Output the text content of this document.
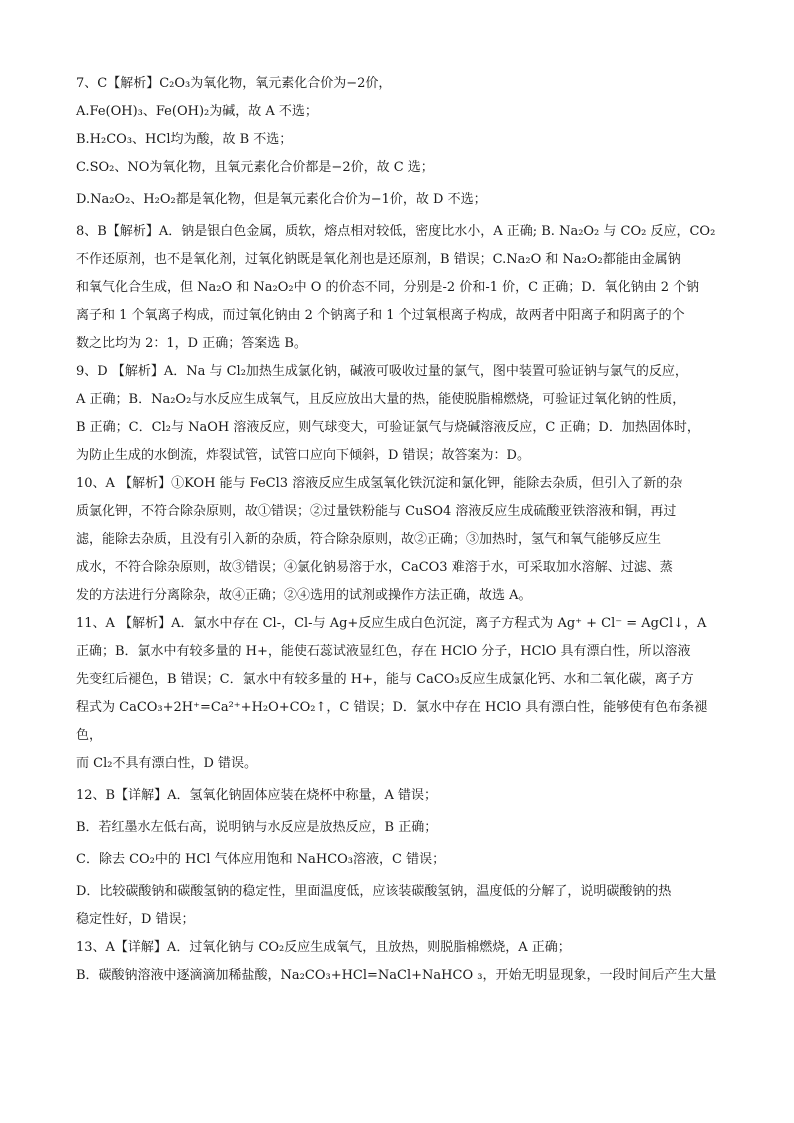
7、C【解析】C₂O₃为氧化物，氧元素化合价为−2价，

A.Fe(OH)₃、Fe(OH)₂为碱，故 A 不选；

B.H₂CO₃、HCl均为酸，故 B 不选；

C.SO₂、NO为氧化物，且氧元素化合价都是−2价，故 C 选；

D.Na₂O₂、H₂O₂都是氧化物，但是氧元素化合价为−1价，故 D 不选；

8、B【解析】A．钠是银白色金属，质软，熔点相对较低，密度比水小，A 正确; B. Na₂O₂ 与 CO₂ 反应，CO₂

不作还原剂，也不是氧化剂，过氧化钠既是氧化剂也是还原剂，B 错误；C.Na₂O 和 Na₂O₂都能由金属钠

和氧气化合生成，但 Na₂O 和 Na₂O₂中 O 的价态不同，分别是-2 价和-1 价，C 正确；D．氧化钠由 2 个钠

离子和 1 个氧离子构成，而过氧化钠由 2 个钠离子和 1 个过氧根离子构成，故两者中阳离子和阴离子的个

数之比均为 2：1，D 正确；答案选 B。

9、D 【解析】A．Na 与 Cl₂加热生成氯化钠，碱液可吸收过量的氯气，图中装置可验证钠与氯气的反应，

A 正确；B．Na₂O₂与水反应生成氧气，且反应放出大量的热，能使脱脂棉燃烧，可验证过氧化钠的性质，

B 正确；C．Cl₂与 NaOH 溶液反应，则气球变大，可验证氯气与烧碱溶液反应，C 正确；D．加热固体时，

为防止生成的水倒流，炸裂试管，试管口应向下倾斜，D 错误；故答案为：D。

10、A 【解析】①KOH 能与 FeCl3 溶液反应生成氢氧化铁沉淀和氯化钾，能除去杂质，但引入了新的杂

质氯化钾，不符合除杂原则，故①错误；②过量铁粉能与 CuSO4 溶液反应生成硫酸亚铁溶液和铜，再过

滤，能除去杂质，且没有引入新的杂质，符合除杂原则，故②正确；③加热时，氢气和氧气能够反应生

成水，不符合除杂原则，故③错误；④氯化钠易溶于水，CaCO3 难溶于水，可采取加水溶解、过滤、蒸

发的方法进行分离除杂，故④正确；②④选用的试剂或操作方法正确，故选 A。

11、A 【解析】A．氯水中存在 Cl-，Cl-与 Ag+反应生成白色沉淀，离子方程式为 Ag⁺ + Cl⁻ = AgCl↓，A

正确；B．氯水中有较多量的 H+，能使石蕊试液显红色，存在 HClO 分子，HClO 具有漂白性，所以溶液

先变红后褪色，B 错误；C．氯水中有较多量的 H+，能与 CaCO₃反应生成氯化钙、水和二氧化碳，离子方

程式为 CaCO₃+2H⁺=Ca²⁺+H₂O+CO₂↑，C 错误；D．氯水中存在 HClO 具有漂白性，能够使有色布条褪色，

而 Cl₂不具有漂白性，D 错误。

12、B【详解】A．氢氧化钠固体应装在烧杯中称量，A 错误；

B．若红墨水左低右高，说明钠与水反应是放热反应，B 正确；

C．除去 CO₂中的 HCl 气体应用饱和 NaHCO₃溶液，C 错误；

D．比较碳酸钠和碳酸氢钠的稳定性，里面温度低，应该装碳酸氢钠，温度低的分解了，说明碳酸钠的热

稳定性好，D 错误；

13、A【详解】A．过氧化钠与 CO₂反应生成氧气，且放热，则脱脂棉燃烧，A 正确；

B．碳酸钠溶液中逐滴滴加稀盐酸，Na₂CO₃+HCl=NaCl+NaHCO ₃，开始无明显现象，一段时间后产生大量
